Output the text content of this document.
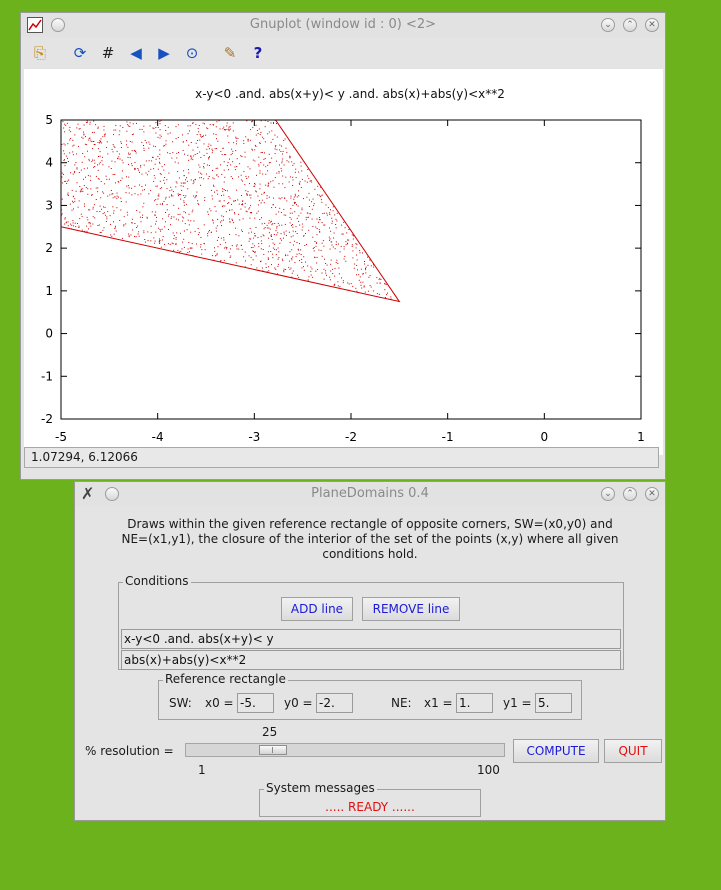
Gnuplot (window id : 0) <2>	⌄	⌃	✕
⎘ ⟳ # ◀ ▶ ⊙ ✎	?
x-y<0 .and. abs(x+y)< y .and. abs(x)+abs(y)<x**2
-5	-4	-3	-2	-1	0	1
-2
-1
0
1
2
3
4
5
1.07294, 6.12066
✗	PlaneDomains 0.4	⌄	⌃	✕
Draws within the given reference rectangle of opposite corners, SW=(x0,y0) and NE=(x1,y1), the closure of the interior of the set of the points (x,y) where all given conditions hold.
Conditions
ADD line	REMOVE line
x-y<0 .and. abs(x+y)< y
abs(x)+abs(y)<x**2
Reference rectangle
SW: x0 = -5.	y0 = -2.	NE: x1 = 1.	y1 = 5.
% resolution =
25
1	100
COMPUTE	QUIT
System messages
..... READY ......
